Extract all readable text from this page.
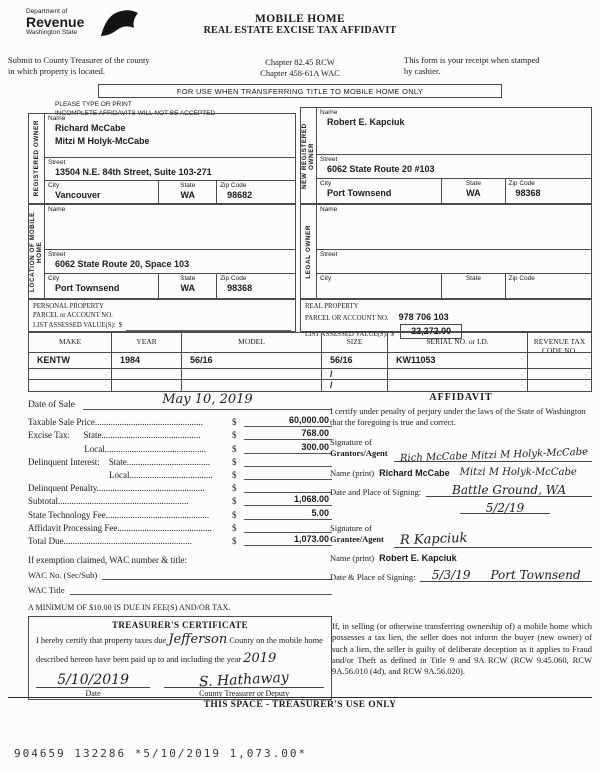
Department of
Revenue
Washington State
MOBILE HOME
REAL ESTATE EXCISE TAX AFFIDAVIT
Submit to County Treasurer of the county
in which property is located.
Chapter 82.45 RCW
Chapter 458-61A WAC
This form is your receipt when stamped
by cashier.
FOR USE WHEN TRANSFERRING TITLE TO MOBILE HOME ONLY
PLEASE TYPE OR PRINT
INCOMPLETE AFFIDAVITS WILL NOT BE ACCEPTED
REGISTERED OWNER
Name
Richard McCabe
Mitzi M Holyk-McCabe
Street
13504 N.E. 84th Street, Suite 103-271
City
Vancouver
State
WA
Zip Code
98682
NEW REGISTERED OWNER
Name
Robert E. Kapciuk
Street
6062 State Route 20 #103
City
Port Townsend
State
WA
Zip Code
98368
LOCATION OF MOBILE HOME
Name
Street
6062 State Route 20, Space 103
City
Port Townsend
State
WA
Zip Code
98368
LEGAL OWNER
Name
Street
City	State	Zip Code
PERSONAL PROPERTY
PARCEL or ACCOUNT NO.
LIST ASSESSED VALUE(S): $
REAL PROPERTY
PARCEL OR ACCOUNT NO. 978 706 103
LIST ASSESSED VALUE(S): $	22,272.00
MAKE	YEAR	MODEL	SIZE	SERIAL NO. or I.D.	REVENUE TAX CODE NO.
KENTW	1984	56/16	56/16	KW11053
/
/
Date of Sale	May 10, 2019
Taxable Sale Price................................................	$	60,000.00
Excise Tax:      State............................................	$	768.00
Local.............................................	$	300.00
Delinquent Interest:    State.....................................	$
Local.....................................	$
Delinquent Penalty................................................	$
Subtotal..........................................................	$	1,068.00
State Technology Fee..............................................	$	5.00
Affidavit Processing Fee..........................................	$
Total Due.........................................................	$	1,073.00
If exemption claimed, WAC number & title:
WAC No. (Sec/Sub)
WAC Title
A MINIMUM OF $10.00 IS DUE IN FEE(S) AND/OR TAX.
AFFIDAVIT
I certify under penalty of perjury under the laws of the State of Washington that the foregoing is true and correct.
Signature of
Grantors/Agent	Rich McCabe Mitzi M Holyk-McCabe
Name (print) Richard McCabe Mitzi M Holyk-McCabe
Date and Place of Signing:	Battle Ground, WA
5/2/19
Signature of
Grantee/Agent	R Kapciuk
Name (print) Robert E. Kapciuk
Date & Place of Signing:	5/3/19 Port Townsend
TREASURER'S CERTIFICATE
I hereby certify that property taxes due Jefferson County on the mobile home described hereon have been paid up to and including the year 2019
5/10/2019
Date
S. Hathaway
County Treasurer or Deputy
If, in selling (or otherwise transferring ownership of) a mobile home which possesses a tax lien, the seller does not inform the buyer (new owner) of such a lien, the seller is guilty of deliberate deception as it applies to Fraud and/or Theft as defined in Title 9 and 9A RCW (RCW 9.45.060, RCW 9A.56.010 (4d), and RCW 9A.56.020).
THIS SPACE - TREASURER'S USE ONLY
904659 132286 *5/10/2019 1,073.00*
